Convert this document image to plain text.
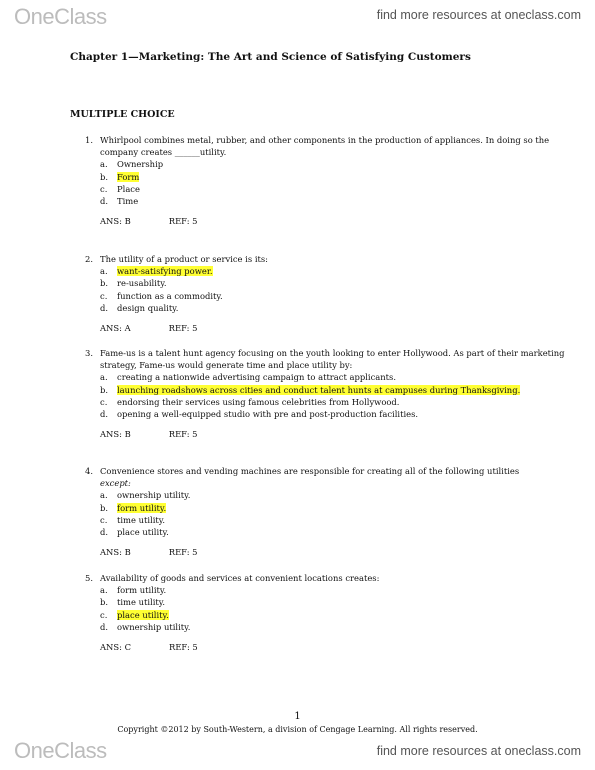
OneClass	find more resources at oneclass.com
Chapter 1—Marketing: The Art and Science of Satisfying Customers
MULTIPLE CHOICE
1. Whirlpool combines metal, rubber, and other components in the production of appliances. In doing so the company creates ______utility.
a. Ownership
b. Form
c. Place
d. Time
ANS: B	REF: 5
2. The utility of a product or service is its:
a. want-satisfying power.
b. re-usability.
c. function as a commodity.
d. design quality.
ANS: A	REF: 5
3. Fame-us is a talent hunt agency focusing on the youth looking to enter Hollywood. As part of their marketing strategy, Fame-us would generate time and place utility by:
a. creating a nationwide advertising campaign to attract applicants.
b. launching roadshows across cities and conduct talent hunts at campuses during Thanksgiving.
c. endorsing their services using famous celebrities from Hollywood.
d. opening a well-equipped studio with pre and post-production facilities.
ANS: B	REF: 5
4. Convenience stores and vending machines are responsible for creating all of the following utilities
except:
a. ownership utility.
b. form utility.
c. time utility.
d. place utility.
ANS: B	REF: 5
5. Availability of goods and services at convenient locations creates:
a. form utility.
b. time utility.
c. place utility.
d. ownership utility.
ANS: C	REF: 5
1
Copyright ©2012 by South-Western, a division of Cengage Learning. All rights reserved.
OneClass	find more resources at oneclass.com
